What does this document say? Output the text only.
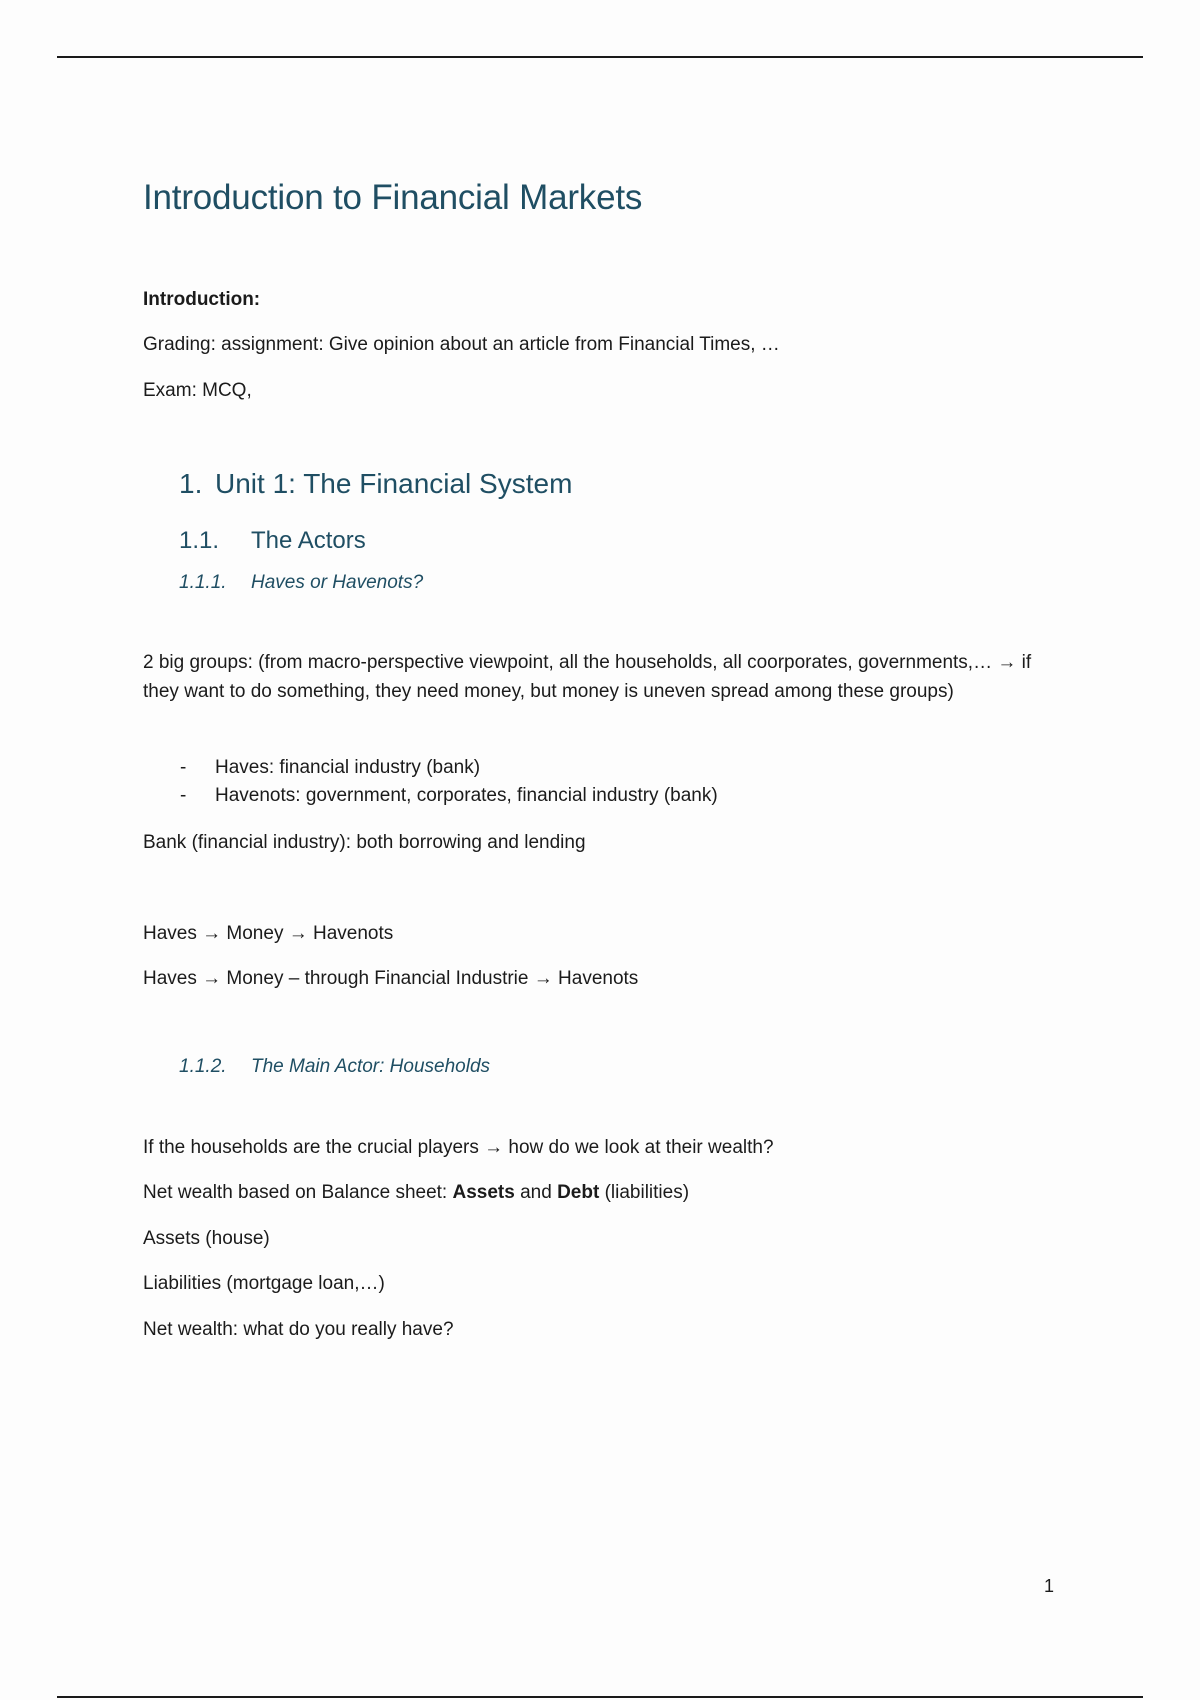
Introduction to Financial Markets
Introduction:
Grading: assignment: Give opinion about an article from Financial Times, …
Exam: MCQ,
1. Unit 1: The Financial System
1.1. The Actors
1.1.1. Haves or Havenots?
2 big groups: (from macro-perspective viewpoint, all the households, all coorporates, governments,… → if they want to do something, they need money, but money is uneven spread among these groups)
- Haves: financial industry (bank)
- Havenots: government, corporates, financial industry (bank)
Bank (financial industry): both borrowing and lending
Haves → Money → Havenots
Haves → Money – through Financial Industrie → Havenots
1.1.2. The Main Actor: Households
If the households are the crucial players → how do we look at their wealth?
Net wealth based on Balance sheet: Assets and Debt (liabilities)
Assets (house)
Liabilities (mortgage loan,…)
Net wealth: what do you really have?
1
